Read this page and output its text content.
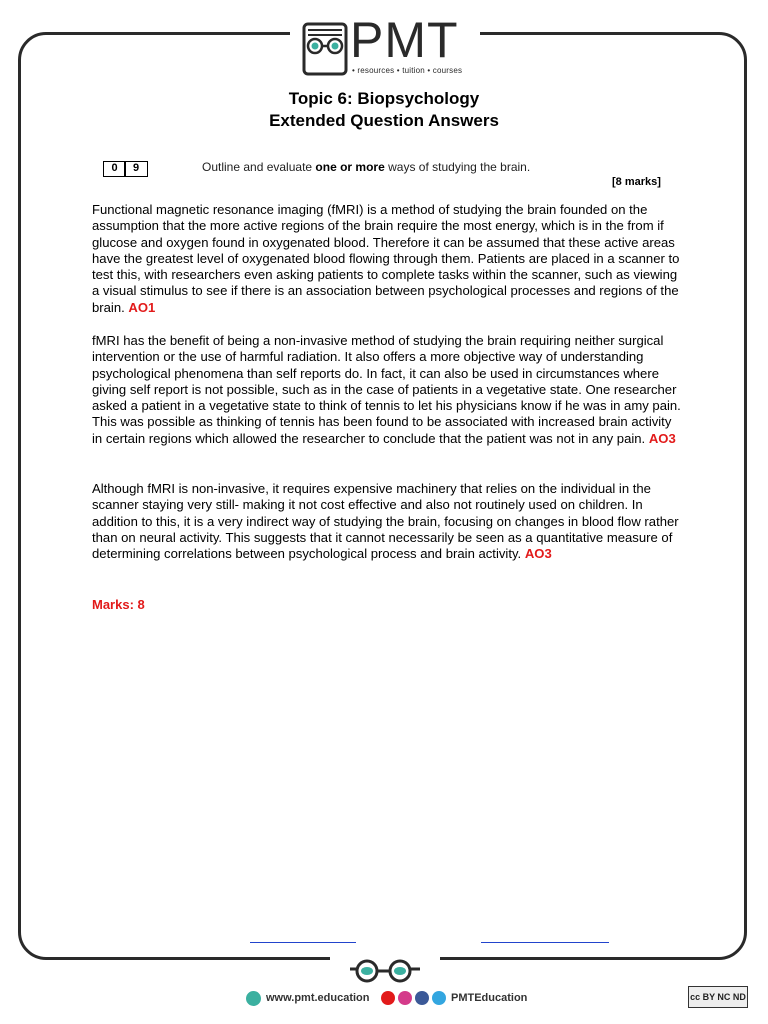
PMT
• resources • tuition • courses
Topic 6: Biopsychology
Extended Question Answers
0	9	Outline and evaluate one or more ways of studying the brain.
[8 marks]
Functional magnetic resonance imaging (fMRI) is a method of studying the brain founded on the assumption that the more active regions of the brain require the most energy, which is in the from if glucose and oxygen found in oxygenated blood. Therefore it can be assumed that these active areas have the greatest level of oxygenated blood flowing through them. Patients are placed in a scanner to test this, with researchers even asking patients to complete tasks within the scanner, such as viewing a visual stimulus to see if there is an association between psychological processes and regions of the brain. AO1
fMRI has the benefit of being a non-invasive method of studying the brain requiring neither surgical intervention or the use of harmful radiation. It also offers a more objective way of understanding psychological phenomena than self reports do. In fact, it can also be used in circumstances where giving self report is not possible, such as in the case of patients in a vegetative state. One researcher asked a patient in a vegetative state to think of tennis to let his physicians know if he was in amy pain. This was possible as thinking of tennis has been found to be associated with increased brain activity in certain regions which allowed the researcher to conclude that the patient was not in any pain. AO3
Although fMRI is non-invasive, it requires expensive machinery that relies on the individual in the scanner staying very still- making it not cost effective and also not routinely used on children. In addition to this, it is a very indirect way of studying the brain, focusing on changes in blood flow rather than on neural activity. This suggests that it cannot necessarily be seen as a quantitative measure of determining correlations between psychological process and brain activity. AO3
Marks: 8
www.pmt.education	PMTEducation	cc BY NC ND
